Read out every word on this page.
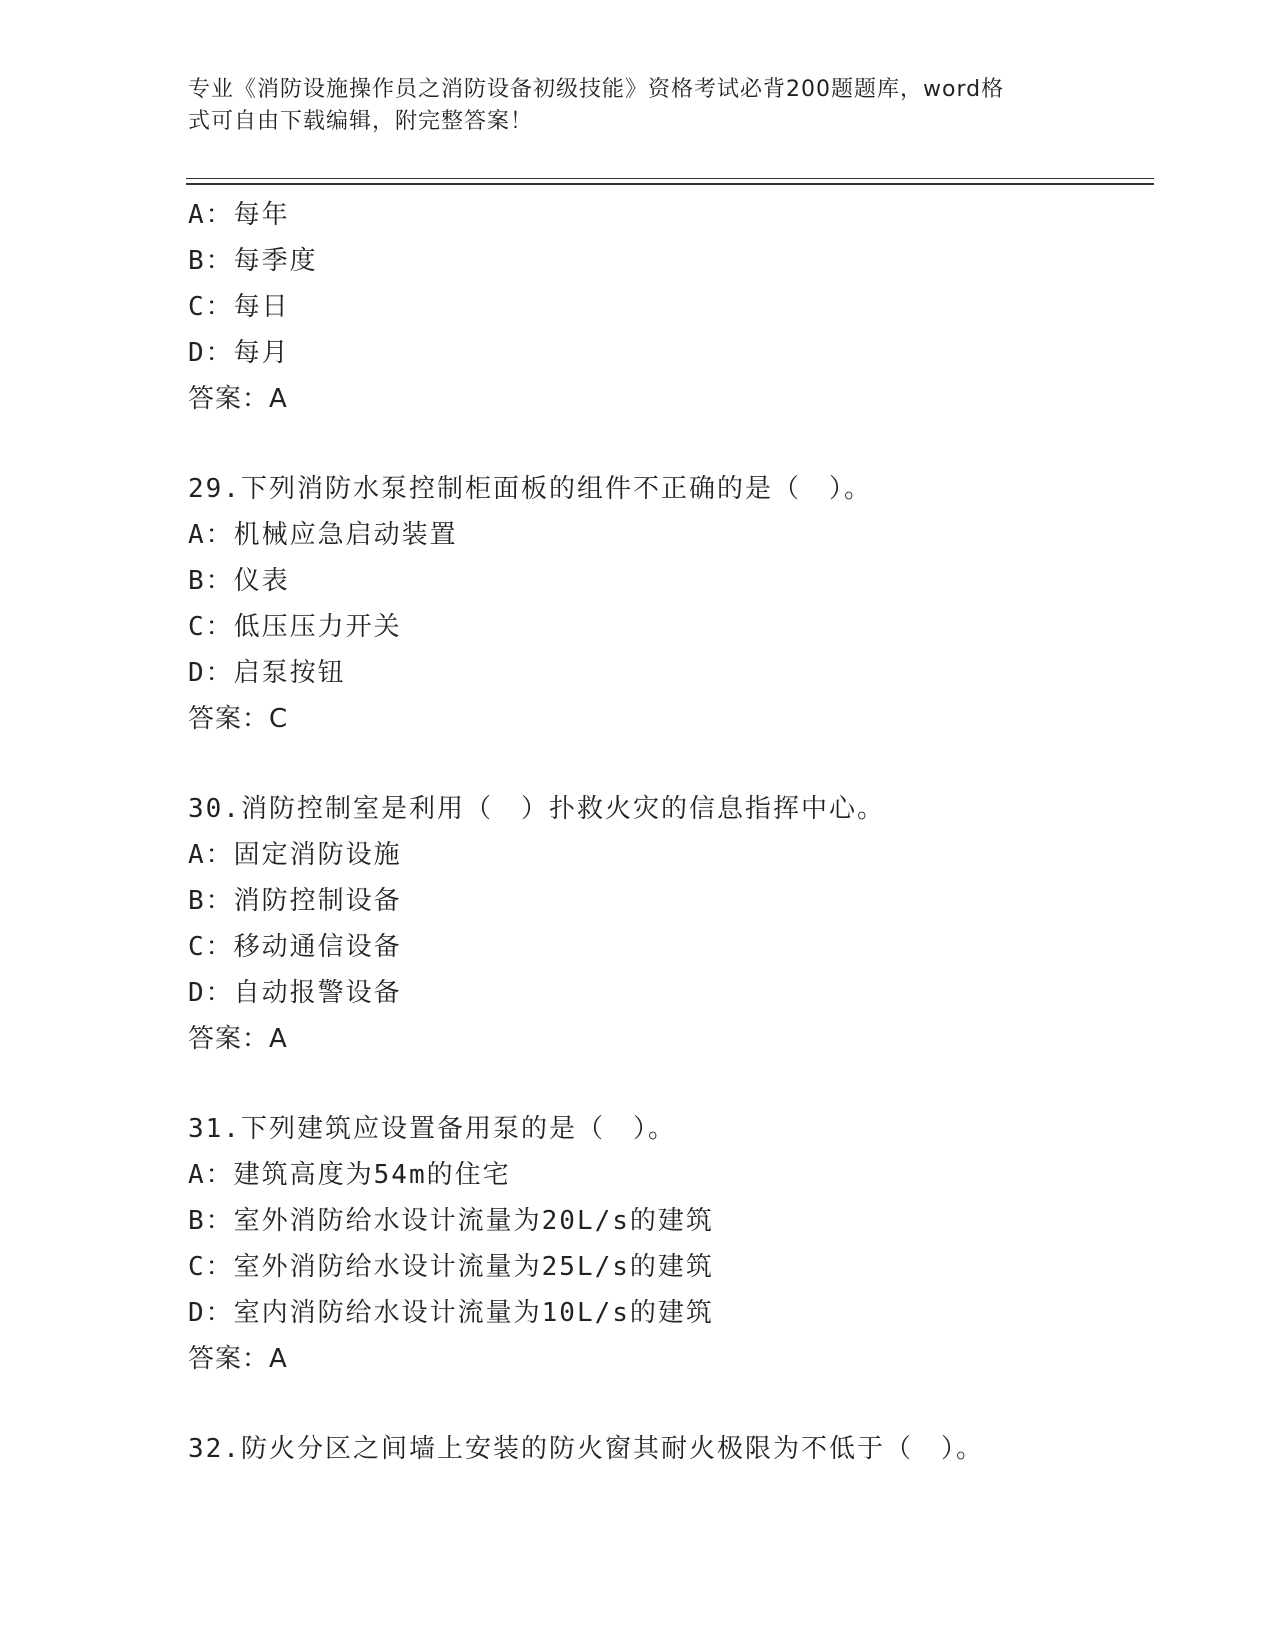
专业《消防设施操作员之消防设备初级技能》资格考试必背200题题库，word格
式可自由下载编辑，附完整答案！
A：每年
B：每季度
C：每日
D：每月
答案：A
29.下列消防水泵控制柜面板的组件不正确的是（　）。
A：机械应急启动装置
B：仪表
C：低压压力开关
D：启泵按钮
答案：C
30.消防控制室是利用（　）扑救火灾的信息指挥中心。
A：固定消防设施
B：消防控制设备
C：移动通信设备
D：自动报警设备
答案：A
31.下列建筑应设置备用泵的是（　）。
A：建筑高度为54m的住宅
B：室外消防给水设计流量为20L/s的建筑
C：室外消防给水设计流量为25L/s的建筑
D：室内消防给水设计流量为10L/s的建筑
答案：A
32.防火分区之间墙上安装的防火窗其耐火极限为不低于（　）。
